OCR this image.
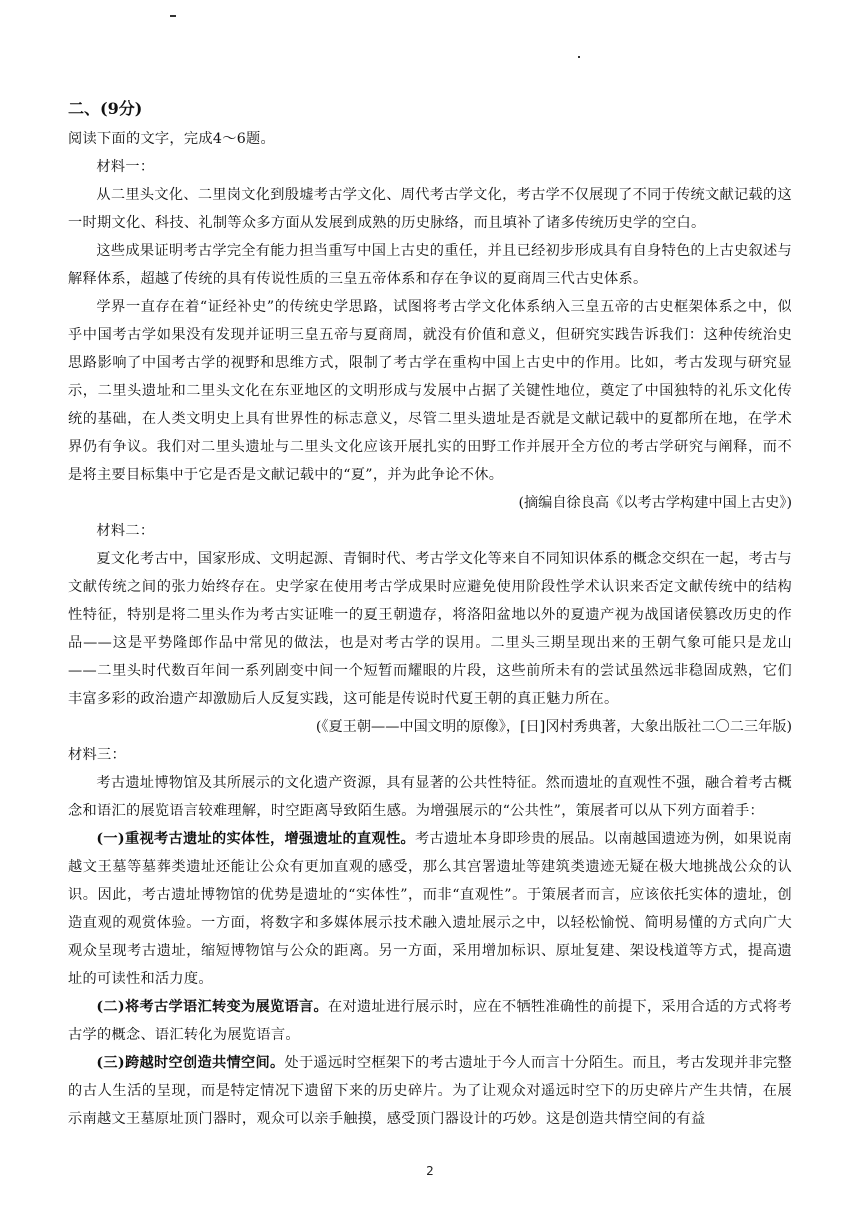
二、(9分)

阅读下面的文字，完成4～6题。

材料一：

从二里头文化、二里岗文化到殷墟考古学文化、周代考古学文化，考古学不仅展现了不同于传统文献记载的这一时期文化、科技、礼制等众多方面从发展到成熟的历史脉络，而且填补了诸多传统历史学的空白。

这些成果证明考古学完全有能力担当重写中国上古史的重任，并且已经初步形成具有自身特色的上古史叙述与解释体系，超越了传统的具有传说性质的三皇五帝体系和存在争议的夏商周三代古史体系。

学界一直存在着“证经补史”的传统史学思路，试图将考古学文化体系纳入三皇五帝的古史框架体系之中，似乎中国考古学如果没有发现并证明三皇五帝与夏商周，就没有价值和意义，但研究实践告诉我们：这种传统治史思路影响了中国考古学的视野和思维方式，限制了考古学在重构中国上古史中的作用。比如，考古发现与研究显示，二里头遗址和二里头文化在东亚地区的文明形成与发展中占据了关键性地位，奠定了中国独特的礼乐文化传统的基础，在人类文明史上具有世界性的标志意义，尽管二里头遗址是否就是文献记载中的夏都所在地，在学术界仍有争议。我们对二里头遗址与二里头文化应该开展扎实的田野工作并展开全方位的考古学研究与阐释，而不是将主要目标集中于它是否是文献记载中的“夏”，并为此争论不休。

(摘编自徐良高《以考古学构建中国上古史》)

材料二：

夏文化考古中，国家形成、文明起源、青铜时代、考古学文化等来自不同知识体系的概念交织在一起，考古与文献传统之间的张力始终存在。史学家在使用考古学成果时应避免使用阶段性学术认识来否定文献传统中的结构性特征，特别是将二里头作为考古实证唯一的夏王朝遗存，将洛阳盆地以外的夏遗产视为战国诸侯篡改历史的作品——这是平势隆郎作品中常见的做法，也是对考古学的误用。二里头三期呈现出来的王朝气象可能只是龙山——二里头时代数百年间一系列剧变中间一个短暂而耀眼的片段，这些前所未有的尝试虽然远非稳固成熟，它们丰富多彩的政治遗产却激励后人反复实践，这可能是传说时代夏王朝的真正魅力所在。

(《夏王朝——中国文明的原像》，[日]冈村秀典著，大象出版社二〇二三年版)

材料三：

考古遗址博物馆及其所展示的文化遗产资源，具有显著的公共性特征。然而遗址的直观性不强，融合着考古概念和语汇的展览语言较难理解，时空距离导致陌生感。为增强展示的“公共性”，策展者可以从下列方面着手：

(一)重视考古遗址的实体性，增强遗址的直观性。考古遗址本身即珍贵的展品。以南越国遗迹为例，如果说南越文王墓等墓葬类遗址还能让公众有更加直观的感受，那么其宫署遗址等建筑类遗迹无疑在极大地挑战公众的认识。因此，考古遗址博物馆的优势是遗址的“实体性”，而非“直观性”。于策展者而言，应该依托实体的遗址，创造直观的观赏体验。一方面，将数字和多媒体展示技术融入遗址展示之中，以轻松愉悦、简明易懂的方式向广大观众呈现考古遗址，缩短博物馆与公众的距离。另一方面，采用增加标识、原址复建、架设栈道等方式，提高遗址的可读性和活力度。

(二)将考古学语汇转变为展览语言。在对遗址进行展示时，应在不牺牲准确性的前提下，采用合适的方式将考古学的概念、语汇转化为展览语言。

(三)跨越时空创造共情空间。处于遥远时空框架下的考古遗址于今人而言十分陌生。而且，考古发现并非完整的古人生活的呈现，而是特定情况下遗留下来的历史碎片。为了让观众对遥远时空下的历史碎片产生共情，在展示南越文王墓原址顶门器时，观众可以亲手触摸，感受顶门器设计的巧妙。这是创造共情空间的有益

2
